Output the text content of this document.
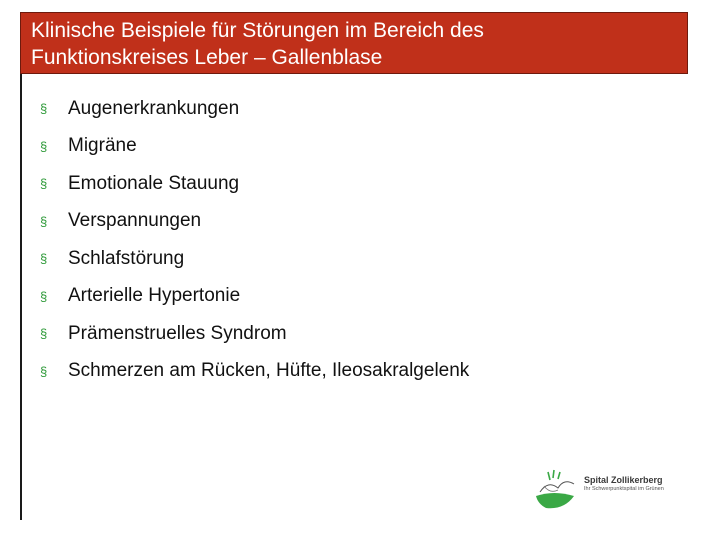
Klinische Beispiele für Störungen im Bereich des
Funktionskreises Leber – Gallenblase
§	Augenerkrankungen
§	Migräne
§	Emotionale Stauung
§	Verspannungen
§	Schlafstörung
§	Arterielle Hypertonie
§	Prämenstruelles Syndrom
§	Schmerzen am Rücken, Hüfte, Ileosakralgelenk
Spital Zollikerberg
Ihr Schwerpunktspital im Grünen
